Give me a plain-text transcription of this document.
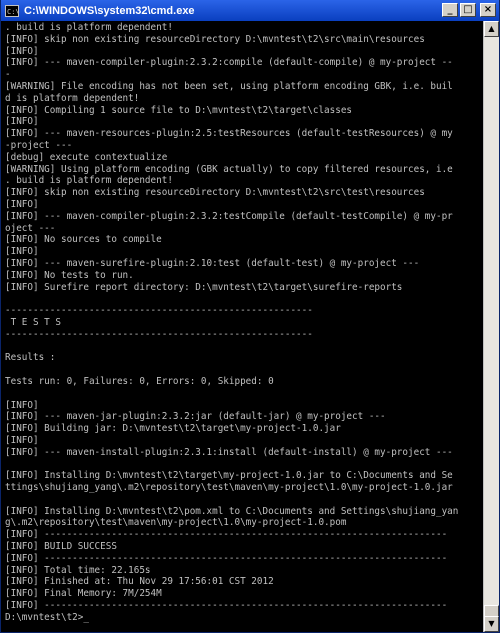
C:\ C:\WINDOWS\system32\cmd.exe	_	□	×
. build is platform dependent!
[INFO] skip non existing resourceDirectory D:\mvntest\t2\src\main\resources
[INFO]
[INFO] --- maven-compiler-plugin:2.3.2:compile (default-compile) @ my-project --
-
[WARNING] File encoding has not been set, using platform encoding GBK, i.e. buil
d is platform dependent!
[INFO] Compiling 1 source file to D:\mvntest\t2\target\classes
[INFO]
[INFO] --- maven-resources-plugin:2.5:testResources (default-testResources) @ my
-project ---
[debug] execute contextualize
[WARNING] Using platform encoding (GBK actually) to copy filtered resources, i.e
. build is platform dependent!
[INFO] skip non existing resourceDirectory D:\mvntest\t2\src\test\resources
[INFO]
[INFO] --- maven-compiler-plugin:2.3.2:testCompile (default-testCompile) @ my-pr
oject ---
[INFO] No sources to compile
[INFO]
[INFO] --- maven-surefire-plugin:2.10:test (default-test) @ my-project ---
[INFO] No tests to run.
[INFO] Surefire report directory: D:\mvntest\t2\target\surefire-reports
-------------------------------------------------------
T E S T S
-------------------------------------------------------
Results :
Tests run: 0, Failures: 0, Errors: 0, Skipped: 0
[INFO]
[INFO] --- maven-jar-plugin:2.3.2:jar (default-jar) @ my-project ---
[INFO] Building jar: D:\mvntest\t2\target\my-project-1.0.jar
[INFO]
[INFO] --- maven-install-plugin:2.3.1:install (default-install) @ my-project ---
[INFO] Installing D:\mvntest\t2\target\my-project-1.0.jar to C:\Documents and Se
ttings\shujiang_yang\.m2\repository\test\maven\my-project\1.0\my-project-1.0.jar
[INFO] Installing D:\mvntest\t2\pom.xml to C:\Documents and Settings\shujiang_yan
g\.m2\repository\test\maven\my-project\1.0\my-project-1.0.pom
[INFO] ------------------------------------------------------------------------
[INFO] BUILD SUCCESS
[INFO] ------------------------------------------------------------------------
[INFO] Total time: 22.165s
[INFO] Finished at: Thu Nov 29 17:56:01 CST 2012
[INFO] Final Memory: 7M/254M
[INFO] ------------------------------------------------------------------------
D:\mvntest\t2>_
▲
▼
